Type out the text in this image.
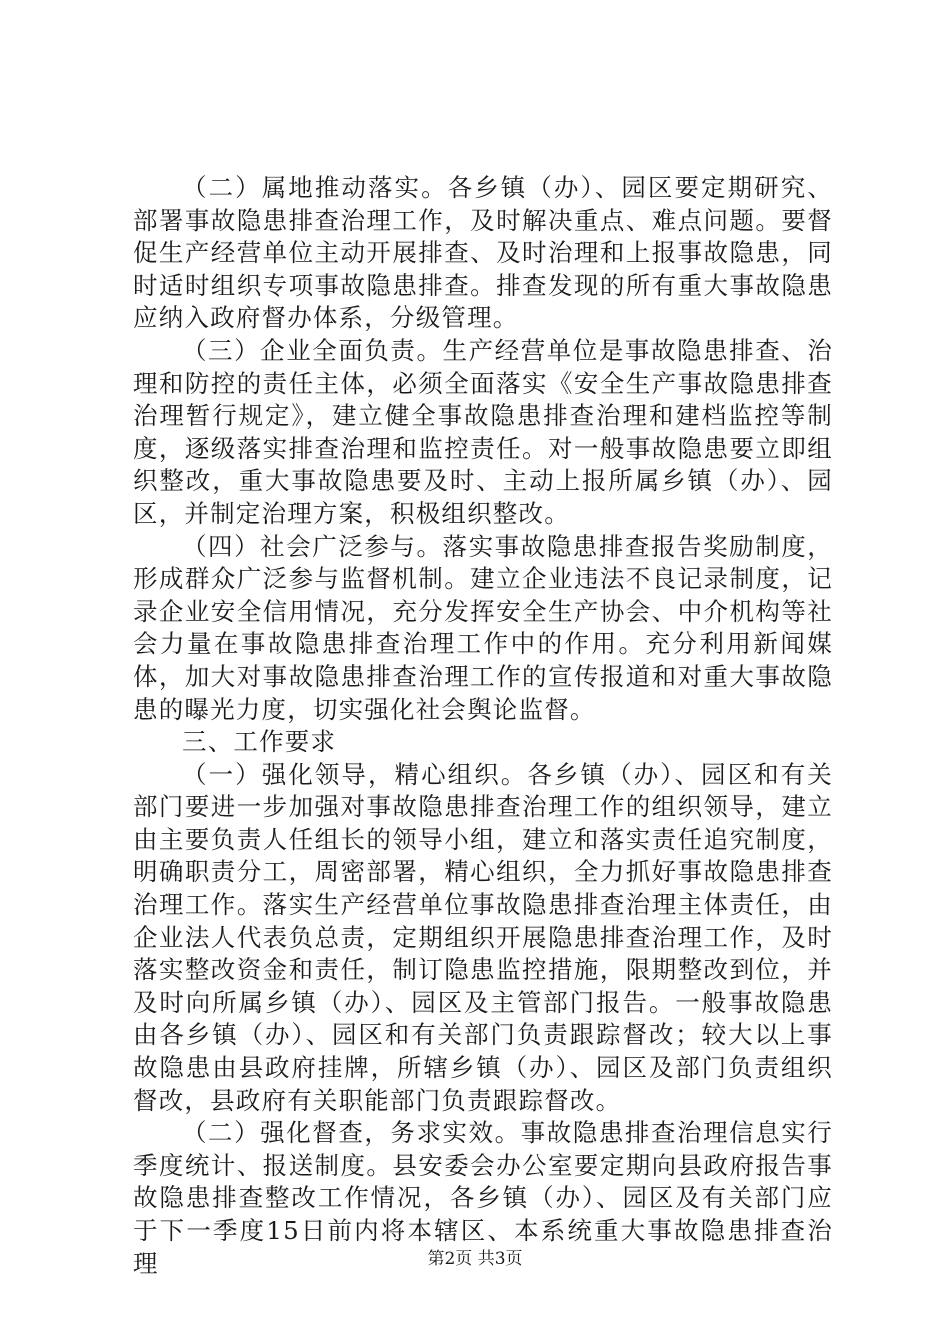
（二）属地推动落实。各乡镇（办）、园区要定期研究、部署事故隐患排查治理工作，及时解决重点、难点问题。要督促生产经营单位主动开展排查、及时治理和上报事故隐患，同时适时组织专项事故隐患排查。排查发现的所有重大事故隐患应纳入政府督办体系，分级管理。

（三）企业全面负责。生产经营单位是事故隐患排查、治理和防控的责任主体，必须全面落实《安全生产事故隐患排查治理暂行规定》，建立健全事故隐患排查治理和建档监控等制度，逐级落实排查治理和监控责任。对一般事故隐患要立即组织整改，重大事故隐患要及时、主动上报所属乡镇（办）、园区，并制定治理方案，积极组织整改。

（四）社会广泛参与。落实事故隐患排查报告奖励制度，形成群众广泛参与监督机制。建立企业违法不良记录制度，记录企业安全信用情况，充分发挥安全生产协会、中介机构等社会力量在事故隐患排查治理工作中的作用。充分利用新闻媒体，加大对事故隐患排查治理工作的宣传报道和对重大事故隐患的曝光力度，切实强化社会舆论监督。

三、工作要求

（一）强化领导，精心组织。各乡镇（办）、园区和有关部门要进一步加强对事故隐患排查治理工作的组织领导，建立由主要负责人任组长的领导小组，建立和落实责任追究制度，明确职责分工，周密部署，精心组织，全力抓好事故隐患排查治理工作。落实生产经营单位事故隐患排查治理主体责任，由企业法人代表负总责，定期组织开展隐患排查治理工作，及时落实整改资金和责任，制订隐患监控措施，限期整改到位，并及时向所属乡镇（办）、园区及主管部门报告。一般事故隐患由各乡镇（办）、园区和有关部门负责跟踪督改；较大以上事故隐患由县政府挂牌，所辖乡镇（办）、园区及部门负责组织督改，县政府有关职能部门负责跟踪督改。

（二）强化督查，务求实效。事故隐患排查治理信息实行季度统计、报送制度。县安委会办公室要定期向县政府报告事故隐患排查整改工作情况，各乡镇（办）、园区及有关部门应于下一季度15日前内将本辖区、本系统重大事故隐患排查治理	第2页 共3页
